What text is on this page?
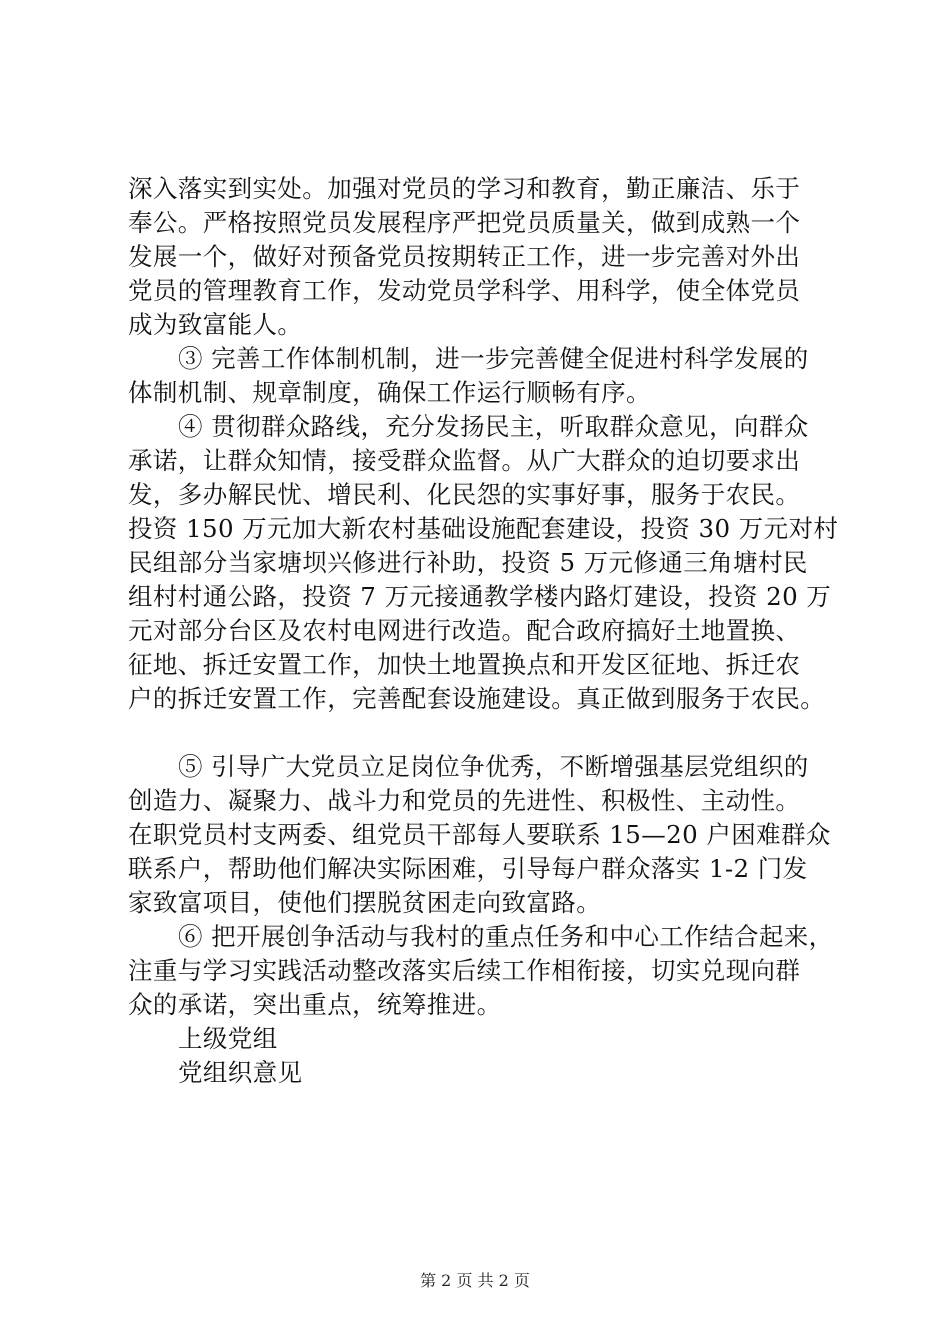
深入落实到实处。加强对党员的学习和教育，勤正廉洁、乐于
奉公。严格按照党员发展程序严把党员质量关，做到成熟一个
发展一个，做好对预备党员按期转正工作，进一步完善对外出
党员的管理教育工作，发动党员学科学、用科学，使全体党员
成为致富能人。
③ 完善工作体制机制，进一步完善健全促进村科学发展的
体制机制、规章制度，确保工作运行顺畅有序。
④ 贯彻群众路线，充分发扬民主，听取群众意见，向群众
承诺，让群众知情，接受群众监督。从广大群众的迫切要求出
发，多办解民忧、增民利、化民怨的实事好事，服务于农民。
投资 150 万元加大新农村基础设施配套建设，投资 30 万元对村
民组部分当家塘坝兴修进行补助，投资 5 万元修通三角塘村民
组村村通公路，投资 7 万元接通教学楼内路灯建设，投资 20 万
元对部分台区及农村电网进行改造。配合政府搞好土地置换、
征地、拆迁安置工作，加快土地置换点和开发区征地、拆迁农
户的拆迁安置工作，完善配套设施建设。真正做到服务于农民。
⑤ 引导广大党员立足岗位争优秀，不断增强基层党组织的
创造力、凝聚力、战斗力和党员的先进性、积极性、主动性。
在职党员村支两委、组党员干部每人要联系 15—20 户困难群众
联系户，帮助他们解决实际困难，引导每户群众落实 1-2 门发
家致富项目，使他们摆脱贫困走向致富路。
⑥ 把开展创争活动与我村的重点任务和中心工作结合起来，
注重与学习实践活动整改落实后续工作相衔接，切实兑现向群
众的承诺，突出重点，统筹推进。
上级党组
党组织意见
第 2 页 共 2 页
